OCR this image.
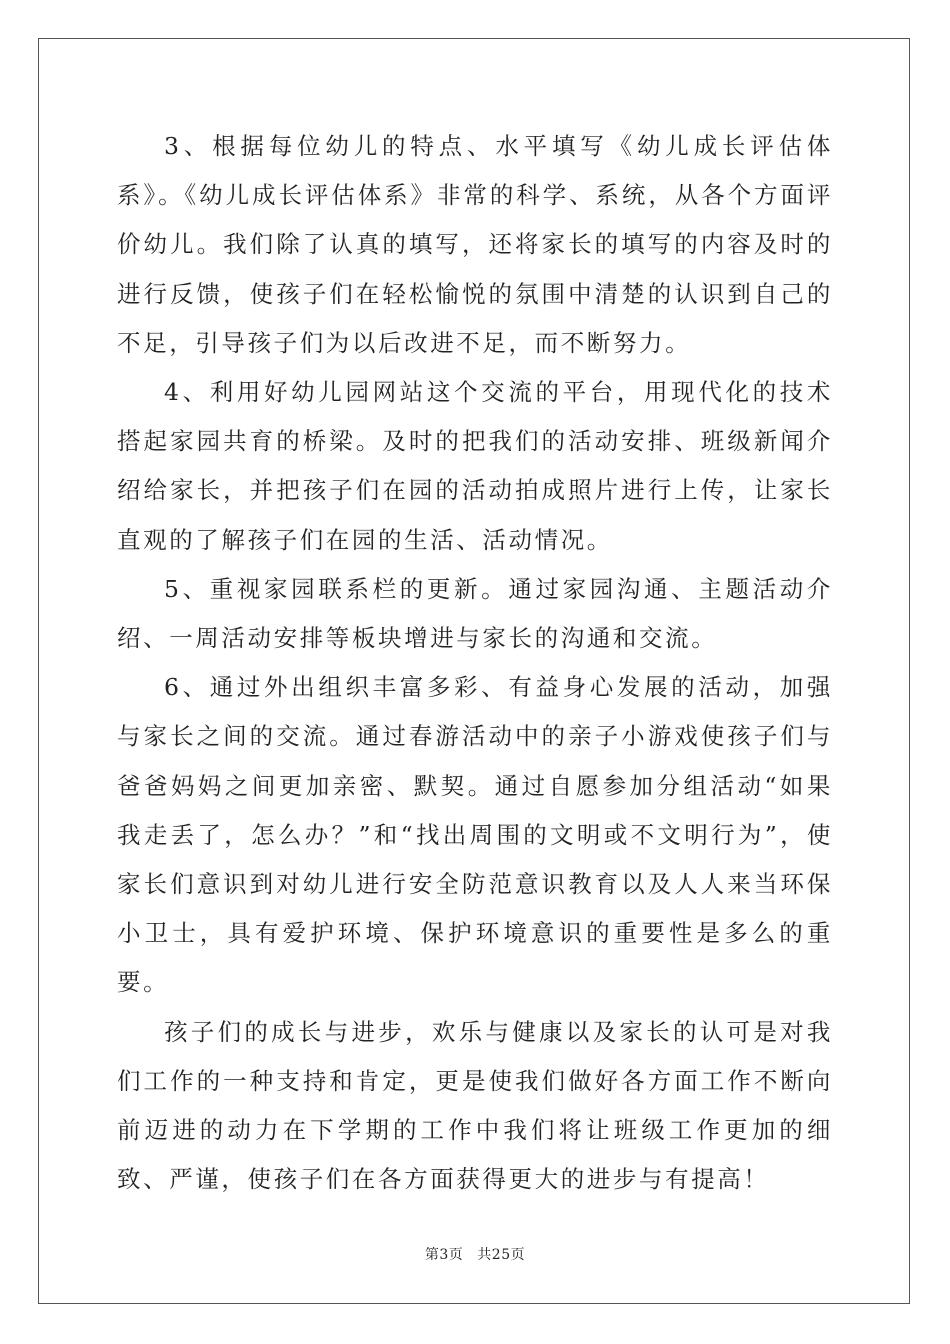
3、根据每位幼儿的特点、水平填写《幼儿成长评估体系》。《幼儿成长评估体系》非常的科学、系统，从各个方面评价幼儿。我们除了认真的填写，还将家长的填写的内容及时的进行反馈，使孩子们在轻松愉悦的氛围中清楚的认识到自己的不足，引导孩子们为以后改进不足，而不断努力。

4、利用好幼儿园网站这个交流的平台，用现代化的技术搭起家园共育的桥梁。及时的把我们的活动安排、班级新闻介绍给家长，并把孩子们在园的活动拍成照片进行上传，让家长直观的了解孩子们在园的生活、活动情况。

5、重视家园联系栏的更新。通过家园沟通、主题活动介绍、一周活动安排等板块增进与家长的沟通和交流。

6、通过外出组织丰富多彩、有益身心发展的活动，加强与家长之间的交流。通过春游活动中的亲子小游戏使孩子们与爸爸妈妈之间更加亲密、默契。通过自愿参加分组活动“如果我走丢了，怎么办？”和“找出周围的文明或不文明行为”，使家长们意识到对幼儿进行安全防范意识教育以及人人来当环保小卫士，具有爱护环境、保护环境意识的重要性是多么的重要。

孩子们的成长与进步，欢乐与健康以及家长的认可是对我们工作的一种支持和肯定，更是使我们做好各方面工作不断向前迈进的动力在下学期的工作中我们将让班级工作更加的细致、严谨，使孩子们在各方面获得更大的进步与有提高！

第3页 共25页
